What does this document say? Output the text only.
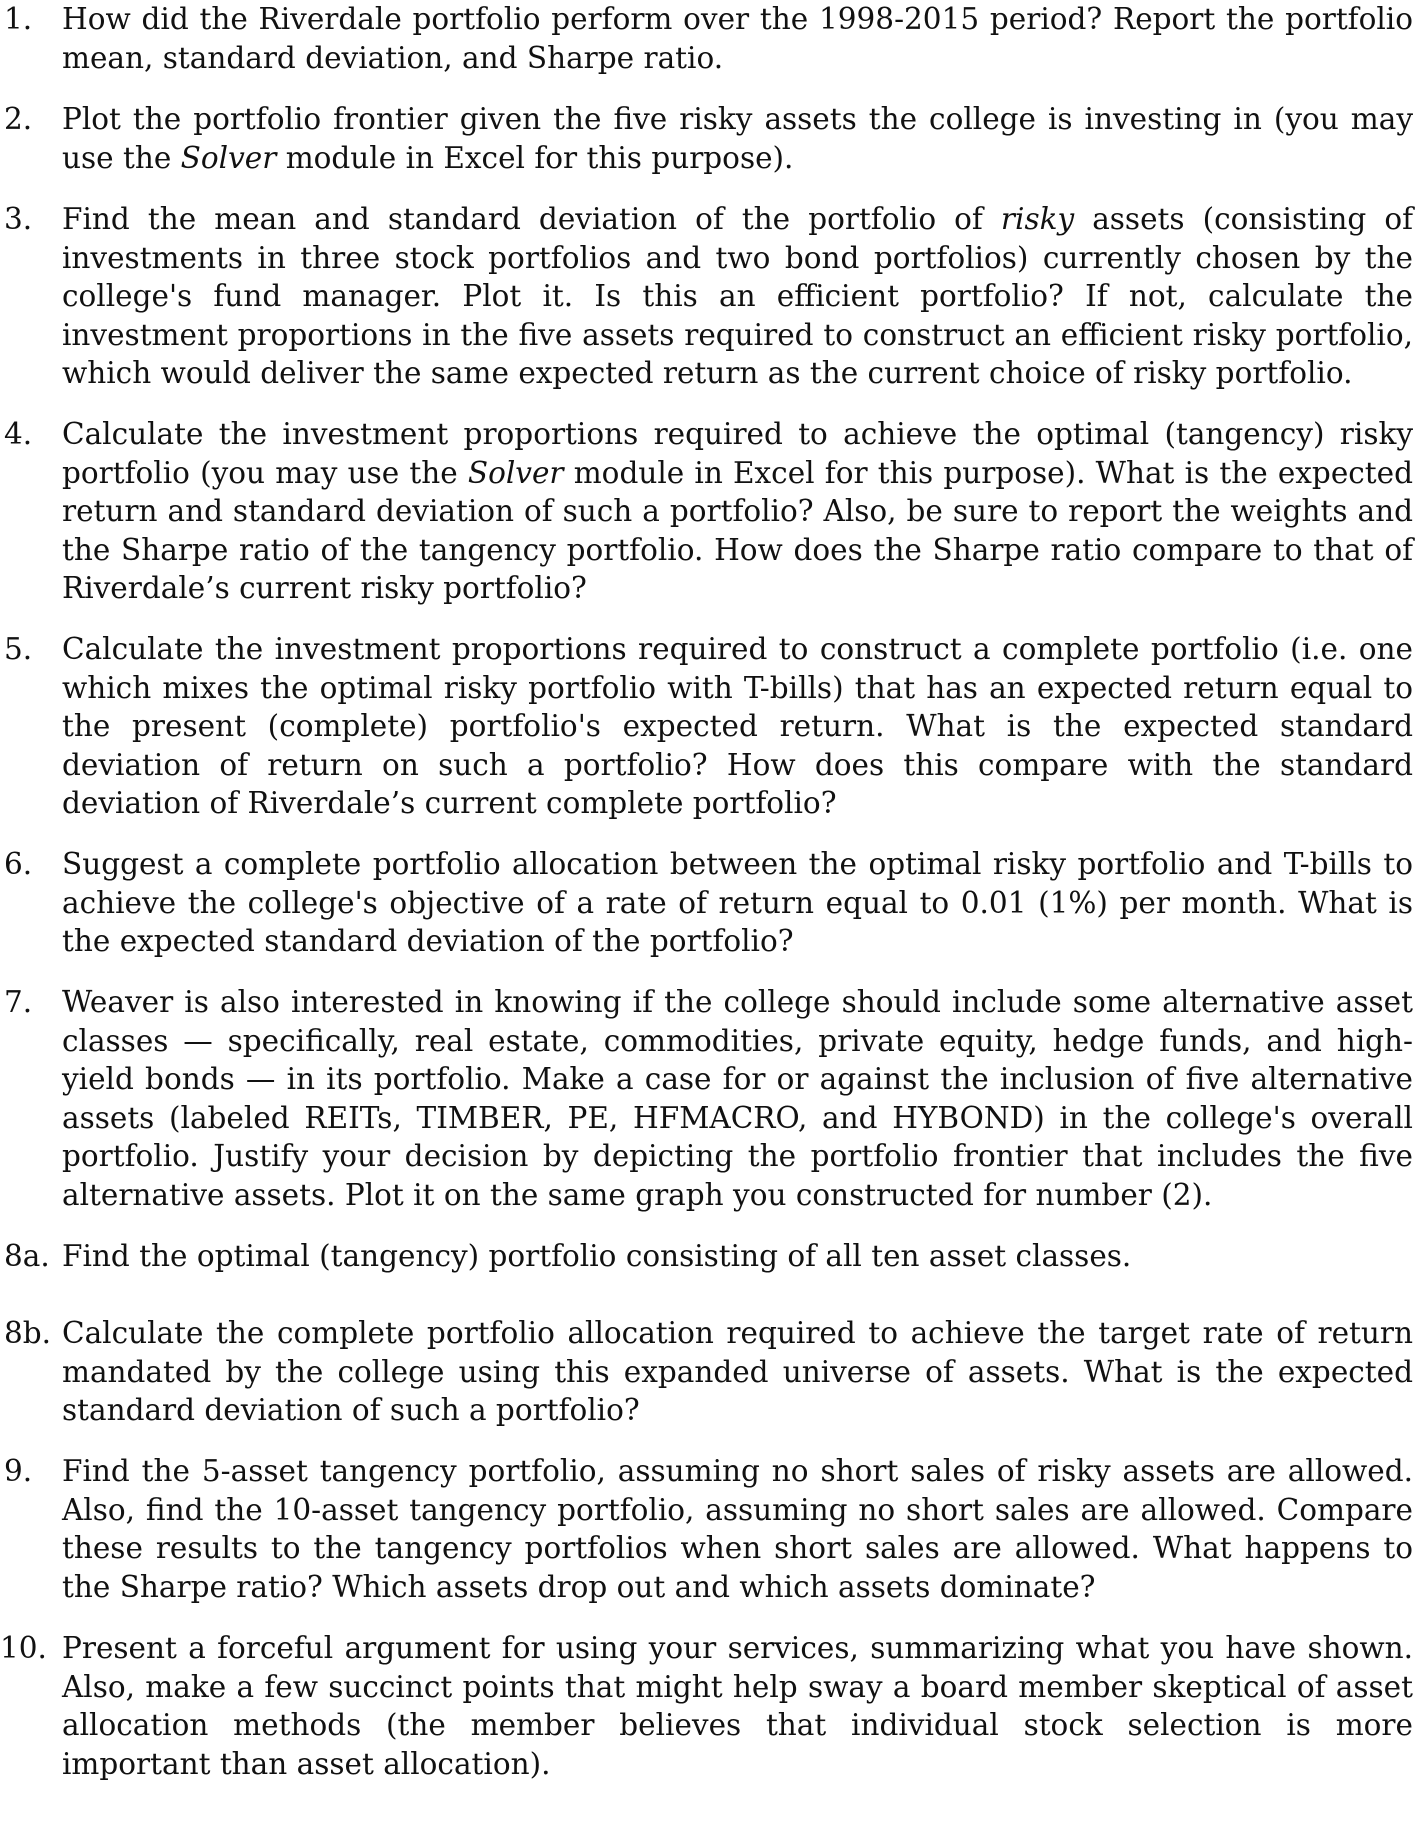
1. How did the Riverdale portfolio perform over the 1998-2015 period? Report the portfolio mean, standard deviation, and Sharpe ratio.

2. Plot the portfolio frontier given the five risky assets the college is investing in (you may use the Solver module in Excel for this purpose).

3. Find the mean and standard deviation of the portfolio of risky assets (consisting of investments in three stock portfolios and two bond portfolios) currently chosen by the college's fund manager. Plot it. Is this an efficient portfolio? If not, calculate the investment proportions in the five assets required to construct an efficient risky portfolio, which would deliver the same expected return as the current choice of risky portfolio.

4. Calculate the investment proportions required to achieve the optimal (tangency) risky portfolio (you may use the Solver module in Excel for this purpose). What is the expected return and standard deviation of such a portfolio? Also, be sure to report the weights and the Sharpe ratio of the tangency portfolio. How does the Sharpe ratio compare to that of Riverdale’s current risky portfolio?

5. Calculate the investment proportions required to construct a complete portfolio (i.e. one which mixes the optimal risky portfolio with T-bills) that has an expected return equal to the present (complete) portfolio's expected return. What is the expected standard deviation of return on such a portfolio? How does this compare with the standard deviation of Riverdale’s current complete portfolio?

6. Suggest a complete portfolio allocation between the optimal risky portfolio and T-bills to achieve the college's objective of a rate of return equal to 0.01 (1%) per month. What is the expected standard deviation of the portfolio?

7. Weaver is also interested in knowing if the college should include some alternative asset classes — specifically, real estate, commodities, private equity, hedge funds, and high-yield bonds — in its portfolio. Make a case for or against the inclusion of five alternative assets (labeled REITs, TIMBER, PE, HFMACRO, and HYBOND) in the college's overall portfolio. Justify your decision by depicting the portfolio frontier that includes the five alternative assets. Plot it on the same graph you constructed for number (2).

8a. Find the optimal (tangency) portfolio consisting of all ten asset classes.

8b. Calculate the complete portfolio allocation required to achieve the target rate of return mandated by the college using this expanded universe of assets. What is the expected standard deviation of such a portfolio?

9. Find the 5-asset tangency portfolio, assuming no short sales of risky assets are allowed. Also, find the 10-asset tangency portfolio, assuming no short sales are allowed. Compare these results to the tangency portfolios when short sales are allowed. What happens to the Sharpe ratio? Which assets drop out and which assets dominate?

10. Present a forceful argument for using your services, summarizing what you have shown. Also, make a few succinct points that might help sway a board member skeptical of asset allocation methods (the member believes that individual stock selection is more important than asset allocation).
